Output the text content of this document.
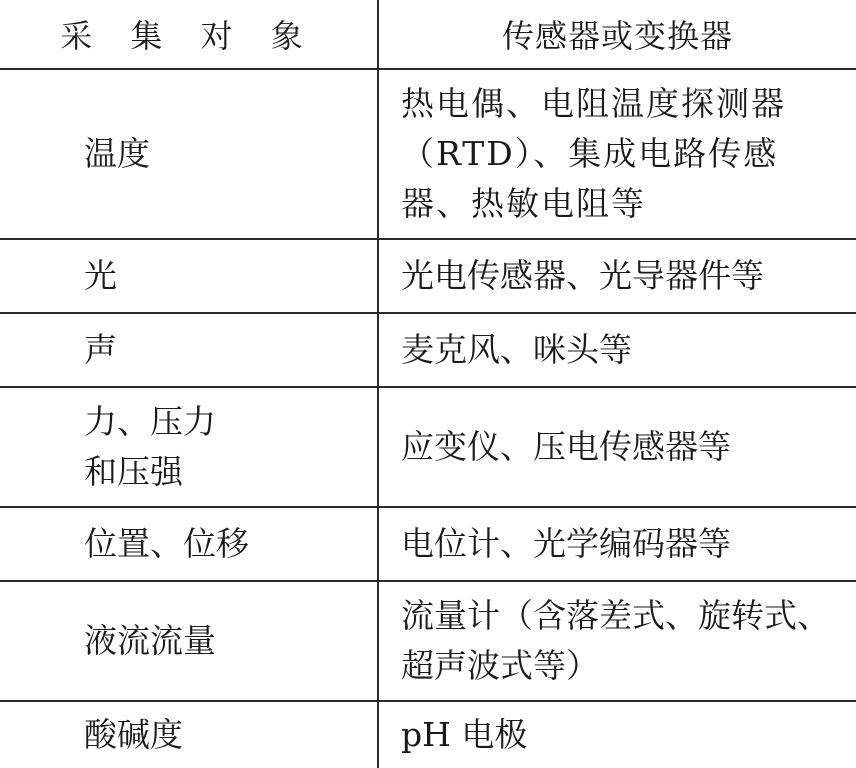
采 集 对 象	传感器或变换器
温度	热电偶、电阻温度探测器（RTD）、集成电路传感器、热敏电阻等
光	光电传感器、光导器件等
声	麦克风、咪头等
力、压力和压强	应变仪、压电传感器等
位置、位移	电位计、光学编码器等
液流流量	流量计（含落差式、旋转式、超声波式等）
酸碱度	pH 电极
